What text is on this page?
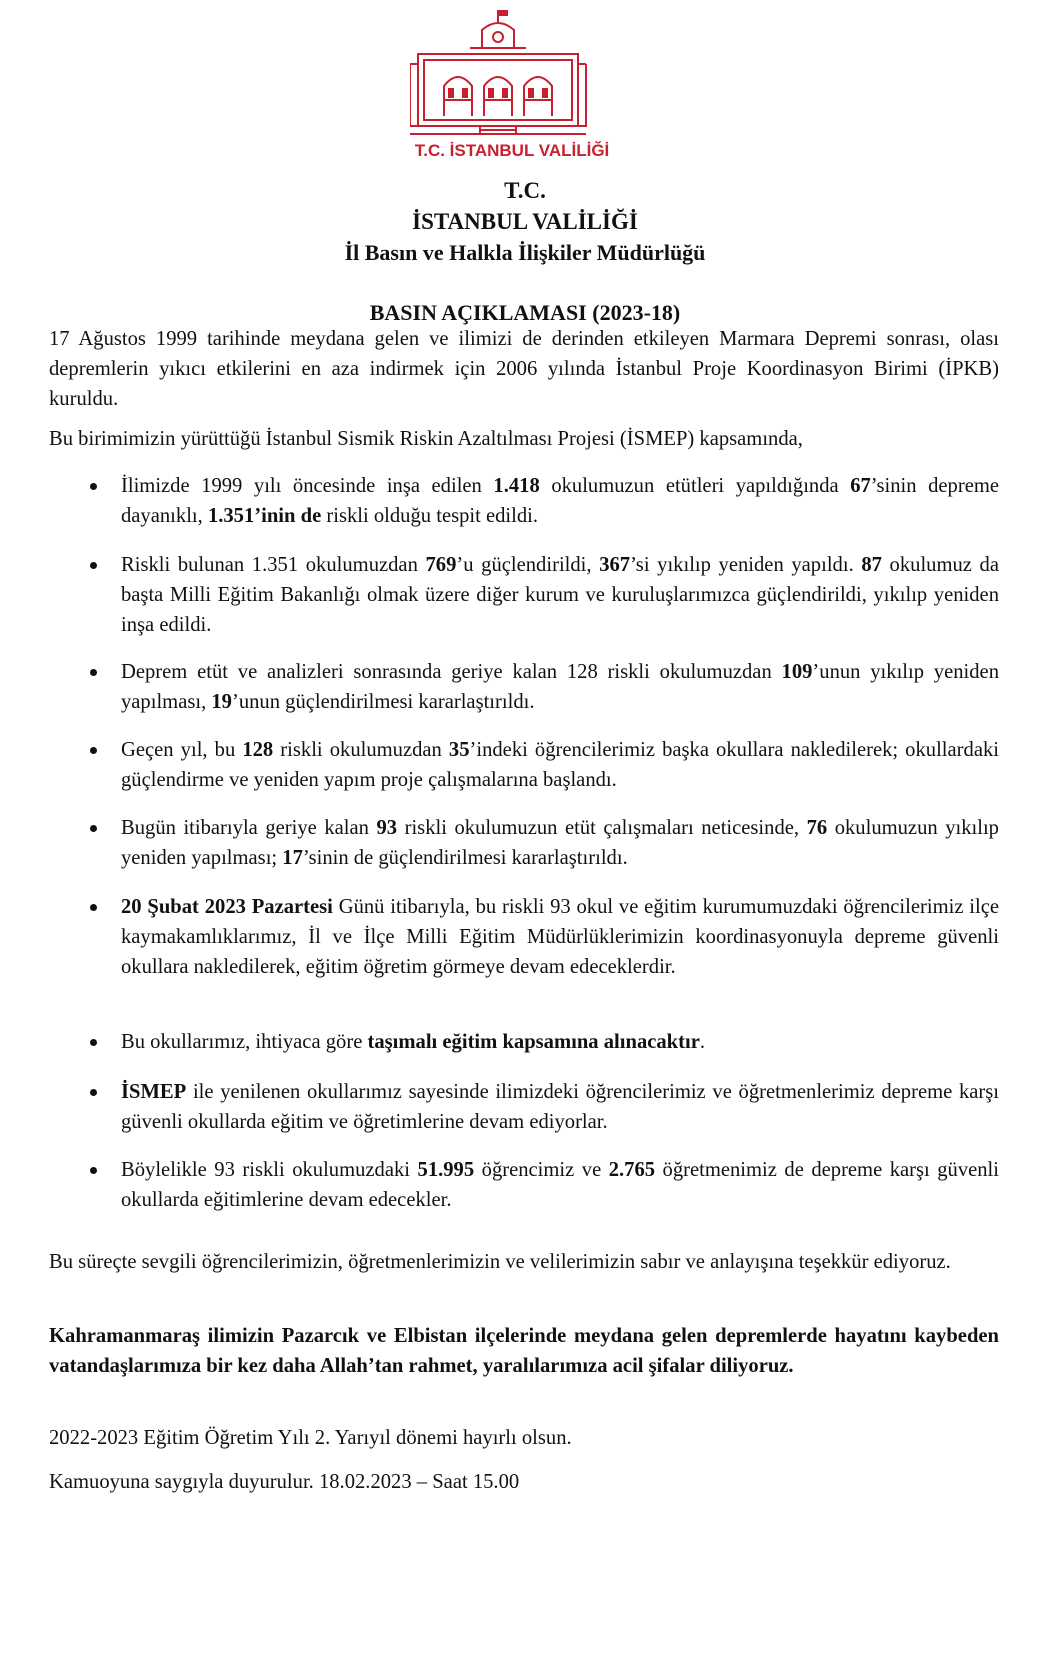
T.C. İSTANBUL VALİLİĞİ
T.C.
İSTANBUL VALİLİĞİ
İl Basın ve Halkla İlişkiler Müdürlüğü
BASIN AÇIKLAMASI (2023-18)

17 Ağustos 1999 tarihinde meydana gelen ve ilimizi de derinden etkileyen Marmara Depremi sonrası, olası depremlerin yıkıcı etkilerini en aza indirmek için 2006 yılında İstanbul Proje Koordinasyon Birimi (İPKB) kuruldu.

Bu birimimizin yürüttüğü İstanbul Sismik Riskin Azaltılması Projesi (İSMEP) kapsamında,

İlimizde 1999 yılı öncesinde inşa edilen 1.418 okulumuzun etütleri yapıldığında 67’sinin depreme dayanıklı, 1.351’inin de riskli olduğu tespit edildi.

Riskli bulunan 1.351 okulumuzdan 769’u güçlendirildi, 367’si yıkılıp yeniden yapıldı. 87 okulumuz da başta Milli Eğitim Bakanlığı olmak üzere diğer kurum ve kuruluşlarımızca güçlendirildi, yıkılıp yeniden inşa edildi.

Deprem etüt ve analizleri sonrasında geriye kalan 128 riskli okulumuzdan 109’unun yıkılıp yeniden yapılması, 19’unun güçlendirilmesi kararlaştırıldı.

Geçen yıl, bu 128 riskli okulumuzdan 35’indeki öğrencilerimiz başka okullara nakledilerek; okullardaki güçlendirme ve yeniden yapım proje çalışmalarına başlandı.

Bugün itibarıyla geriye kalan 93 riskli okulumuzun etüt çalışmaları neticesinde, 76 okulumuzun yıkılıp yeniden yapılması; 17’sinin de güçlendirilmesi kararlaştırıldı.

20 Şubat 2023 Pazartesi Günü itibarıyla, bu riskli 93 okul ve eğitim kurumumuzdaki öğrencilerimiz ilçe kaymakamlıklarımız, İl ve İlçe Milli Eğitim Müdürlüklerimizin koordinasyonuyla depreme güvenli okullara nakledilerek, eğitim öğretim görmeye devam edeceklerdir.

Bu okullarımız, ihtiyaca göre taşımalı eğitim kapsamına alınacaktır.

İSMEP ile yenilenen okullarımız sayesinde ilimizdeki öğrencilerimiz ve öğretmenlerimiz depreme karşı güvenli okullarda eğitim ve öğretimlerine devam ediyorlar.

Böylelikle 93 riskli okulumuzdaki 51.995 öğrencimiz ve 2.765 öğretmenimiz de depreme karşı güvenli okullarda eğitimlerine devam edecekler.

Bu süreçte sevgili öğrencilerimizin, öğretmenlerimizin ve velilerimizin sabır ve anlayışına teşekkür ediyoruz.

Kahramanmaraş ilimizin Pazarcık ve Elbistan ilçelerinde meydana gelen depremlerde hayatını kaybeden vatandaşlarımıza bir kez daha Allah’tan rahmet, yaralılarımıza acil şifalar diliyoruz.

2022-2023 Eğitim Öğretim Yılı 2. Yarıyıl dönemi hayırlı olsun.

Kamuoyuna saygıyla duyurulur. 18.02.2023 – Saat 15.00
